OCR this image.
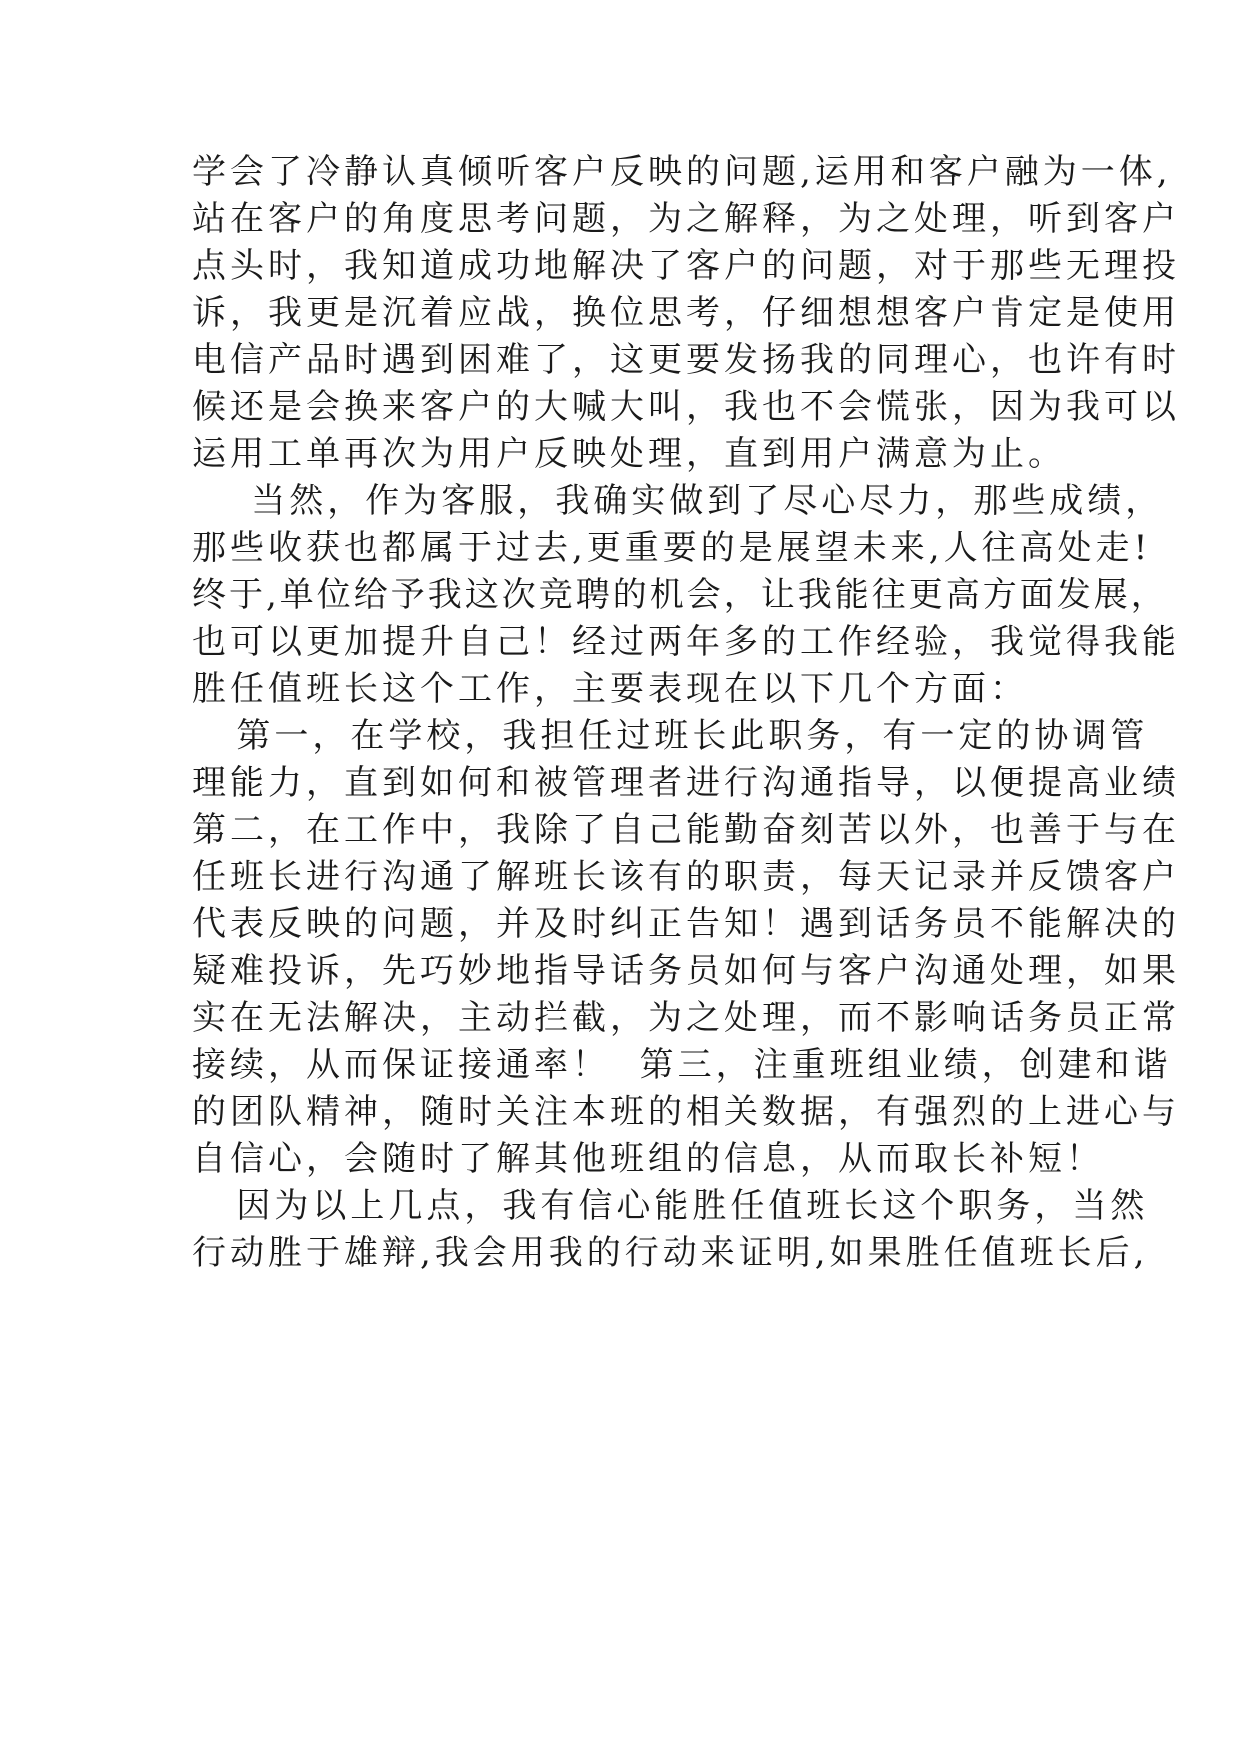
学会了冷静认真倾听客户反映的问题,运用和客户融为一体,

站在客户的角度思考问题，为之解释，为之处理，听到客户

点头时，我知道成功地解决了客户的问题，对于那些无理投

诉，我更是沉着应战，换位思考，仔细想想客户肯定是使用

电信产品时遇到困难了，这更要发扬我的同理心，也许有时

候还是会换来客户的大喊大叫，我也不会慌张，因为我可以

运用工单再次为用户反映处理，直到用户满意为止。

当然，作为客服，我确实做到了尽心尽力，那些成绩，

那些收获也都属于过去,更重要的是展望未来,人往高处走!

终于,单位给予我这次竞聘的机会，让我能往更高方面发展，

也可以更加提升自己！经过两年多的工作经验，我觉得我能

胜任值班长这个工作，主要表现在以下几个方面：

第一，在学校，我担任过班长此职务，有一定的协调管

理能力，直到如何和被管理者进行沟通指导，以便提高业绩

第二，在工作中，我除了自己能勤奋刻苦以外，也善于与在

任班长进行沟通了解班长该有的职责，每天记录并反馈客户

代表反映的问题，并及时纠正告知！遇到话务员不能解决的

疑难投诉，先巧妙地指导话务员如何与客户沟通处理，如果

实在无法解决，主动拦截，为之处理，而不影响话务员正常

接续，从而保证接通率！  第三，注重班组业绩，创建和谐

的团队精神，随时关注本班的相关数据，有强烈的上进心与

自信心，会随时了解其他班组的信息，从而取长补短！

因为以上几点，我有信心能胜任值班长这个职务，当然

行动胜于雄辩,我会用我的行动来证明,如果胜任值班长后,
